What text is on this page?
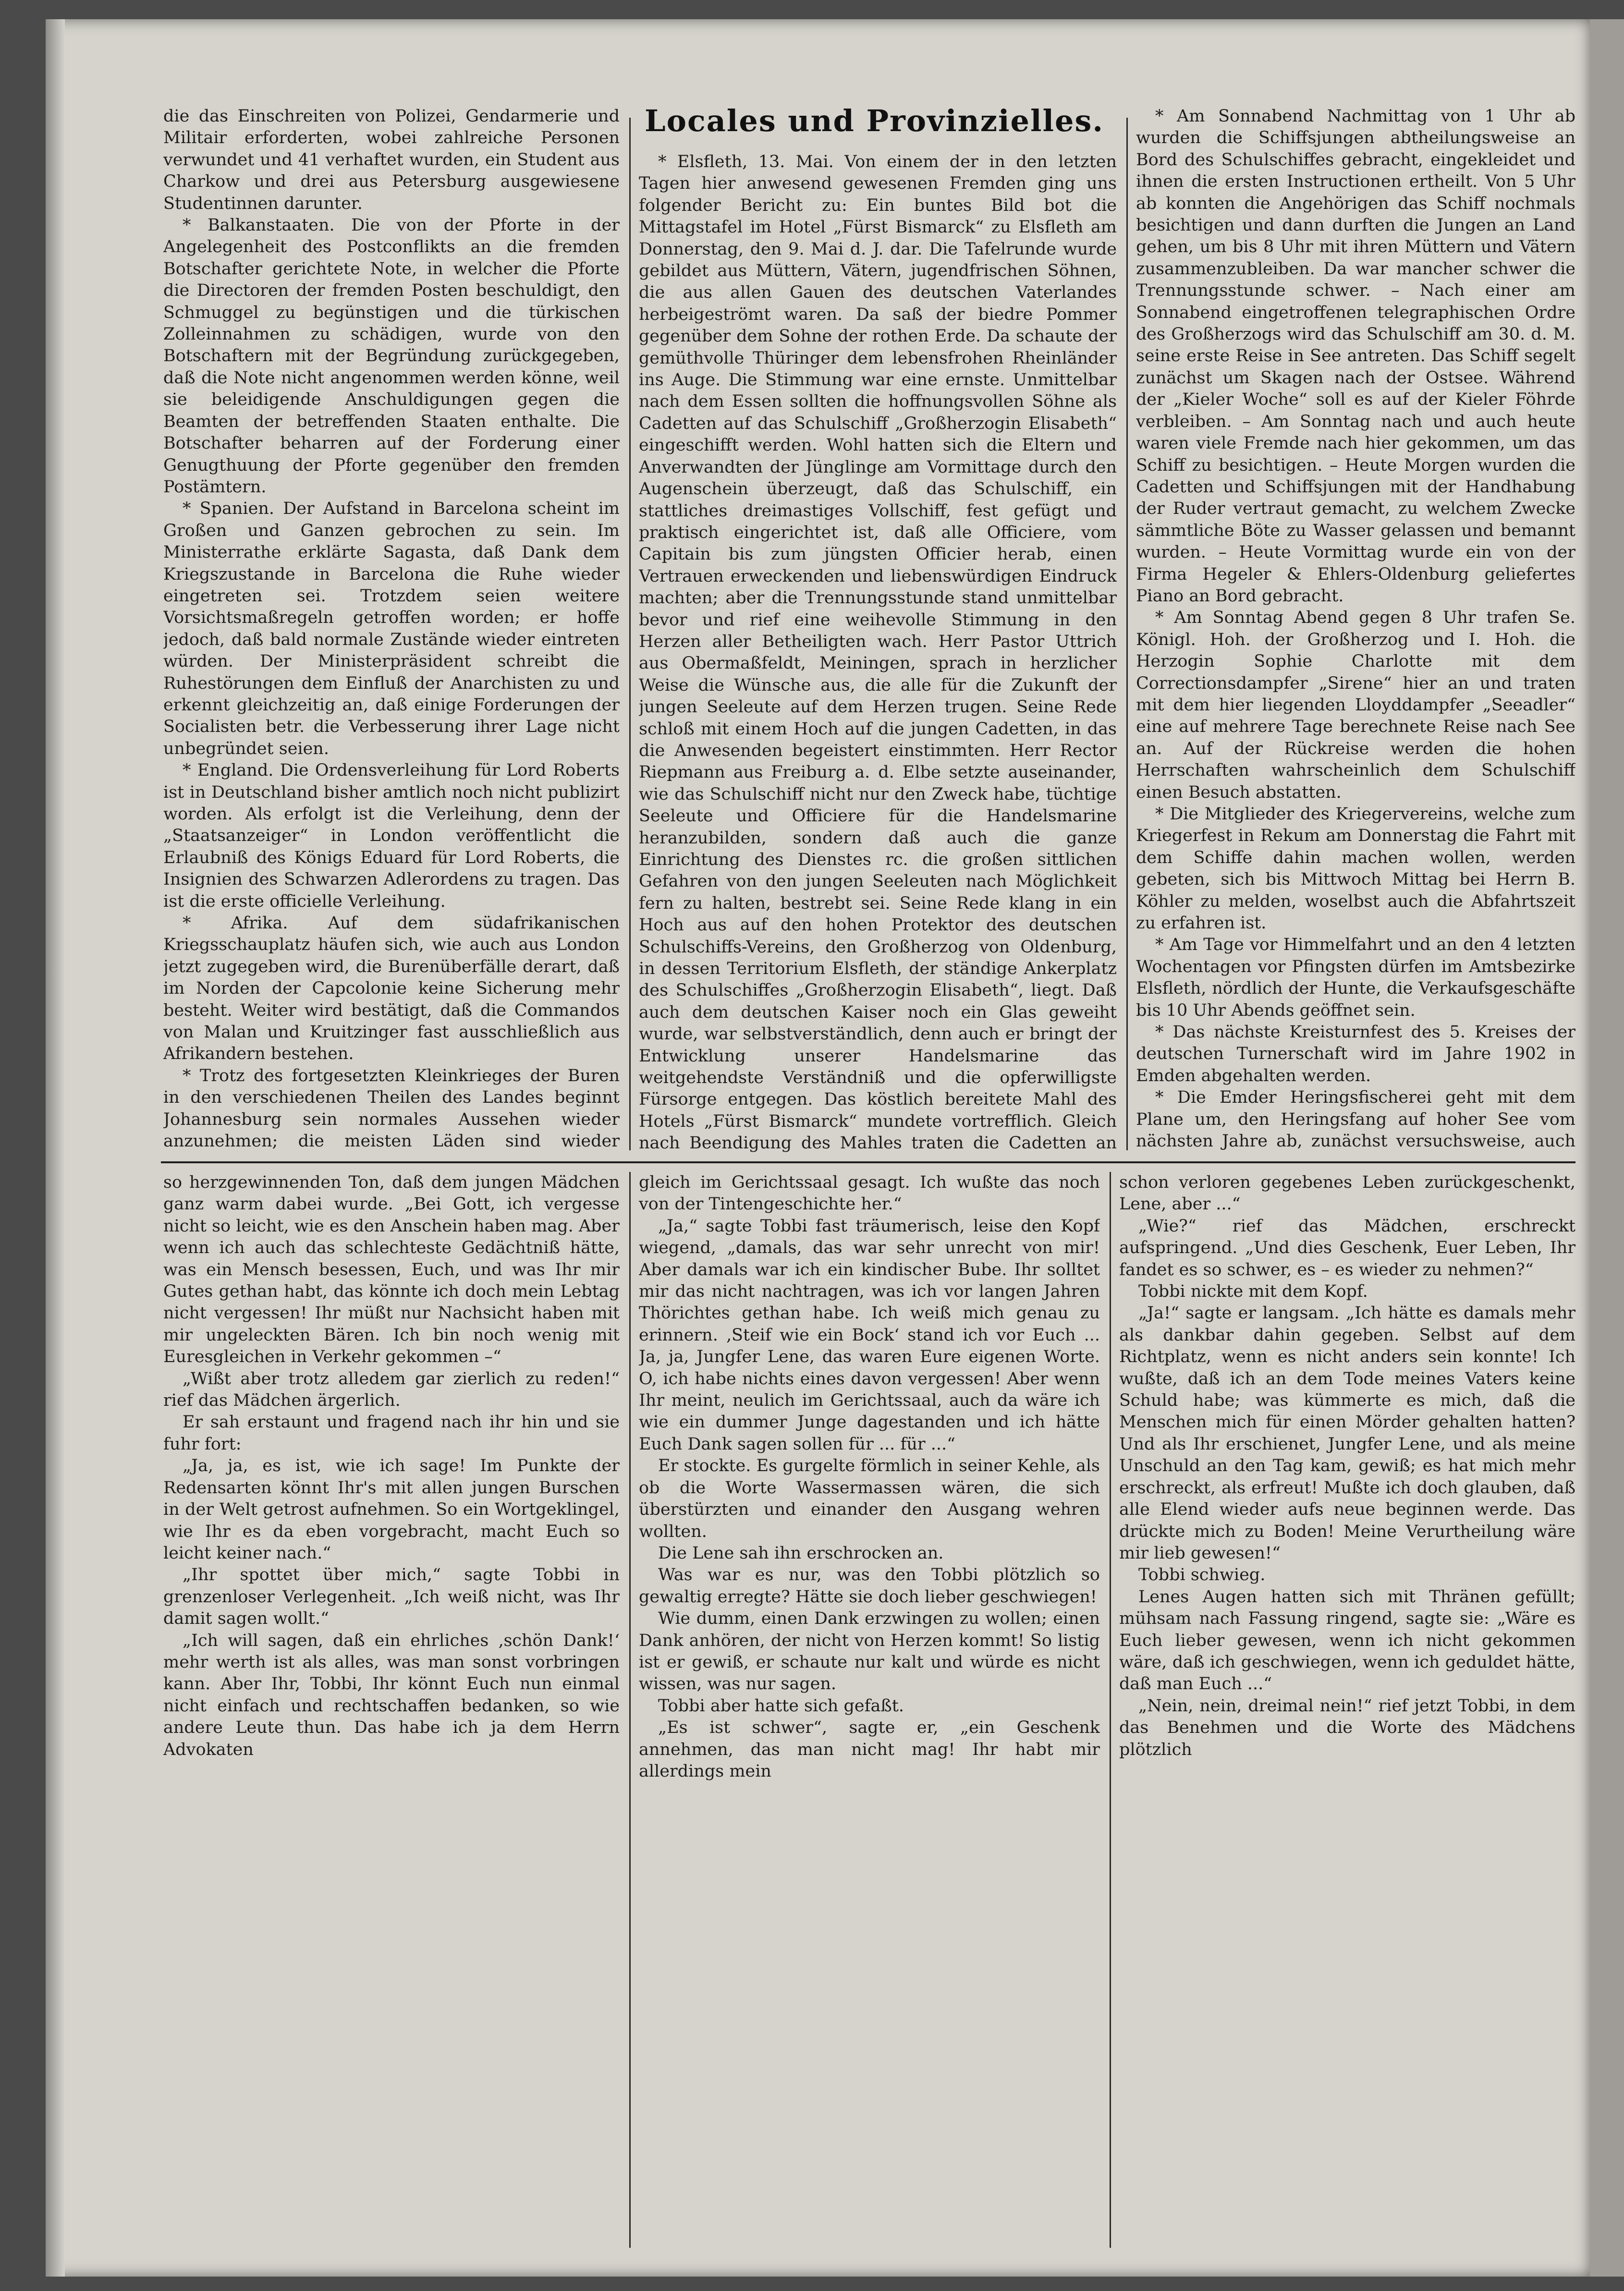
Locales und Provinzielles.

die das Einschreiten von Polizei, Gendarmerie und Militair erforderten, wobei zahlreiche Personen verwundet und 41 verhaftet wurden, ein Student aus Charkow und drei aus Petersburg ausgewiesene Studentinnen darunter.

* Balkanstaaten. Die von der Pforte in der Angelegenheit des Postconflikts an die fremden Botschafter gerichtete Note, in welcher die Pforte die Directoren der fremden Posten beschuldigt, den Schmuggel zu begünstigen und die türkischen Zolleinnahmen zu schädigen, wurde von den Botschaftern mit der Begründung zurückgegeben, daß die Note nicht angenommen werden könne, weil sie beleidigende Anschuldigungen gegen die Beamten der betreffenden Staaten enthalte. Die Botschafter beharren auf der Forderung einer Genugthuung der Pforte gegenüber den fremden Postämtern.

* Spanien. Der Aufstand in Barcelona scheint im Großen und Ganzen gebrochen zu sein. Im Ministerrathe erklärte Sagasta, daß Dank dem Kriegszustande in Barcelona die Ruhe wieder eingetreten sei. Trotzdem seien weitere Vorsichtsmaßregeln getroffen worden; er hoffe jedoch, daß bald normale Zustände wieder eintreten würden. Der Ministerpräsident schreibt die Ruhestörungen dem Einfluß der Anarchisten zu und erkennt gleichzeitig an, daß einige Forderungen der Socialisten betr. die Verbesserung ihrer Lage nicht unbegründet seien.

* England. Die Ordensverleihung für Lord Roberts ist in Deutschland bisher amtlich noch nicht publizirt worden. Als erfolgt ist die Verleihung, denn der „Staatsanzeiger“ in London veröffentlicht die Erlaubniß des Königs Eduard für Lord Roberts, die Insignien des Schwarzen Adlerordens zu tragen. Das ist die erste officielle Verleihung.

* Afrika. Auf dem südafrikanischen Kriegsschauplatz häufen sich, wie auch aus London jetzt zugegeben wird, die Burenüberfälle derart, daß im Norden der Capcolonie keine Sicherung mehr besteht. Weiter wird bestätigt, daß die Commandos von Malan und Kruitzinger fast ausschließlich aus Afrikandern bestehen.

* Trotz des fortgesetzten Kleinkrieges der Buren in den verschiedenen Theilen des Landes beginnt Johannesburg sein normales Aussehen wieder anzunehmen; die meisten Läden sind wieder

* Elsfleth, 13. Mai. Von einem der in den letzten Tagen hier anwesend gewesenen Fremden ging uns folgender Bericht zu: Ein buntes Bild bot die Mittagstafel im Hotel „Fürst Bismarck“ zu Elsfleth am Donnerstag, den 9. Mai d. J. dar. Die Tafelrunde wurde gebildet aus Müttern, Vätern, jugendfrischen Söhnen, die aus allen Gauen des deutschen Vaterlandes herbeigeströmt waren. Da saß der biedre Pommer gegenüber dem Sohne der rothen Erde. Da schaute der gemüthvolle Thüringer dem lebensfrohen Rheinländer ins Auge. Die Stimmung war eine ernste. Unmittelbar nach dem Essen sollten die hoffnungsvollen Söhne als Cadetten auf das Schulschiff „Großherzogin Elisabeth“ eingeschifft werden. Wohl hatten sich die Eltern und Anverwandten der Jünglinge am Vormittage durch den Augenschein überzeugt, daß das Schulschiff, ein stattliches dreimastiges Vollschiff, fest gefügt und praktisch eingerichtet ist, daß alle Officiere, vom Capitain bis zum jüngsten Officier herab, einen Vertrauen erweckenden und liebenswürdigen Eindruck machten; aber die Trennungsstunde stand unmittelbar bevor und rief eine weihevolle Stimmung in den Herzen aller Betheiligten wach. Herr Pastor Uttrich aus Obermaßfeldt, Meiningen, sprach in herzlicher Weise die Wünsche aus, die alle für die Zukunft der jungen Seeleute auf dem Herzen trugen. Seine Rede schloß mit einem Hoch auf die jungen Cadetten, in das die Anwesenden begeistert einstimmten. Herr Rector Riepmann aus Freiburg a. d. Elbe setzte auseinander, wie das Schulschiff nicht nur den Zweck habe, tüchtige Seeleute und Officiere für die Handelsmarine heranzubilden, sondern daß auch die ganze Einrichtung des Dienstes rc. die großen sittlichen Gefahren von den jungen Seeleuten nach Möglichkeit fern zu halten, bestrebt sei. Seine Rede klang in ein Hoch aus auf den hohen Protektor des deutschen Schulschiffs-Vereins, den Großherzog von Oldenburg, in dessen Territorium Elsfleth, der ständige Ankerplatz des Schulschiffes „Großherzogin Elisabeth“, liegt. Daß auch dem deutschen Kaiser noch ein Glas geweiht wurde, war selbstverständlich, denn auch er bringt der Entwicklung unserer Handelsmarine das weitgehendste Verständniß und die opferwilligste Fürsorge entgegen. Das köstlich bereitete Mahl des Hotels „Fürst Bismarck“ mundete vortrefflich. Gleich nach Beendigung des Mahles traten die Cadetten an

* Am Sonnabend Nachmittag von 1 Uhr ab wurden die Schiffsjungen abtheilungsweise an Bord des Schulschiffes gebracht, eingekleidet und ihnen die ersten Instructionen ertheilt. Von 5 Uhr ab konnten die Angehörigen das Schiff nochmals besichtigen und dann durften die Jungen an Land gehen, um bis 8 Uhr mit ihren Müttern und Vätern zusammenzubleiben. Da war mancher schwer die Trennungsstunde schwer. – Nach einer am Sonnabend eingetroffenen telegraphischen Ordre des Großherzogs wird das Schulschiff am 30. d. M. seine erste Reise in See antreten. Das Schiff segelt zunächst um Skagen nach der Ostsee. Während der „Kieler Woche“ soll es auf der Kieler Föhrde verbleiben. – Am Sonntag nach und auch heute waren viele Fremde nach hier gekommen, um das Schiff zu besichtigen. – Heute Morgen wurden die Cadetten und Schiffsjungen mit der Handhabung der Ruder vertraut gemacht, zu welchem Zwecke sämmtliche Böte zu Wasser gelassen und bemannt wurden. – Heute Vormittag wurde ein von der Firma Hegeler & Ehlers-Oldenburg geliefertes Piano an Bord gebracht.

* Am Sonntag Abend gegen 8 Uhr trafen Se. Königl. Hoh. der Großherzog und I. Hoh. die Herzogin Sophie Charlotte mit dem Correctionsdampfer „Sirene“ hier an und traten mit dem hier liegenden Lloyddampfer „Seeadler“ eine auf mehrere Tage berechnete Reise nach See an. Auf der Rückreise werden die hohen Herrschaften wahrscheinlich dem Schulschiff einen Besuch abstatten.

* Die Mitglieder des Kriegervereins, welche zum Kriegerfest in Rekum am Donnerstag die Fahrt mit dem Schiffe dahin machen wollen, werden gebeten, sich bis Mittwoch Mittag bei Herrn B. Köhler zu melden, woselbst auch die Abfahrtszeit zu erfahren ist.

* Am Tage vor Himmelfahrt und an den 4 letzten Wochentagen vor Pfingsten dürfen im Amtsbezirke Elsfleth, nördlich der Hunte, die Verkaufsgeschäfte bis 10 Uhr Abends geöffnet sein.

* Das nächste Kreisturnfest des 5. Kreises der deutschen Turnerschaft wird im Jahre 1902 in Emden abgehalten werden.

* Die Emder Heringsfischerei geht mit dem Plane um, den Heringsfang auf hoher See vom nächsten Jahre ab, zunächst versuchsweise, auch

so herzgewinnenden Ton, daß dem jungen Mädchen ganz warm dabei wurde. „Bei Gott, ich vergesse nicht so leicht, wie es den Anschein haben mag. Aber wenn ich auch das schlechteste Gedächtniß hätte, was ein Mensch besessen, Euch, und was Ihr mir Gutes gethan habt, das könnte ich doch mein Lebtag nicht vergessen! Ihr müßt nur Nachsicht haben mit mir ungeleckten Bären. Ich bin noch wenig mit Euresgleichen in Verkehr gekommen –“

„Wißt aber trotz alledem gar zierlich zu reden!“ rief das Mädchen ärgerlich.

Er sah erstaunt und fragend nach ihr hin und sie fuhr fort:

„Ja, ja, es ist, wie ich sage! Im Punkte der Redensarten könnt Ihr's mit allen jungen Burschen in der Welt getrost aufnehmen. So ein Wortgeklingel, wie Ihr es da eben vorgebracht, macht Euch so leicht keiner nach.“

„Ihr spottet über mich,“ sagte Tobbi in grenzenloser Verlegenheit. „Ich weiß nicht, was Ihr damit sagen wollt.“

„Ich will sagen, daß ein ehrliches ‚schön Dank!‘ mehr werth ist als alles, was man sonst vorbringen kann. Aber Ihr, Tobbi, Ihr könnt Euch nun einmal nicht einfach und rechtschaffen bedanken, so wie andere Leute thun. Das habe ich ja dem Herrn Advokaten

gleich im Gerichtssaal gesagt. Ich wußte das noch von der Tintengeschichte her.“

„Ja,“ sagte Tobbi fast träumerisch, leise den Kopf wiegend, „damals, das war sehr unrecht von mir! Aber damals war ich ein kindischer Bube. Ihr solltet mir das nicht nachtragen, was ich vor langen Jahren Thörichtes gethan habe. Ich weiß mich genau zu erinnern. ‚Steif wie ein Bock‘ stand ich vor Euch ... Ja, ja, Jungfer Lene, das waren Eure eigenen Worte. O, ich habe nichts eines davon vergessen! Aber wenn Ihr meint, neulich im Gerichtssaal, auch da wäre ich wie ein dummer Junge dagestanden und ich hätte Euch Dank sagen sollen für ... für ...“

Er stockte. Es gurgelte förmlich in seiner Kehle, als ob die Worte Wassermassen wären, die sich überstürzten und einander den Ausgang wehren wollten.

Die Lene sah ihn erschrocken an.

Was war es nur, was den Tobbi plötzlich so gewaltig erregte? Hätte sie doch lieber geschwiegen!

Wie dumm, einen Dank erzwingen zu wollen; einen Dank anhören, der nicht von Herzen kommt! So listig ist er gewiß, er schaute nur kalt und würde es nicht wissen, was nur sagen.

Tobbi aber hatte sich gefaßt.

„Es ist schwer“, sagte er, „ein Geschenk annehmen, das man nicht mag! Ihr habt mir allerdings mein

schon verloren gegebenes Leben zurückgeschenkt, Lene, aber ...“

„Wie?“ rief das Mädchen, erschreckt aufspringend. „Und dies Geschenk, Euer Leben, Ihr fandet es so schwer, es – es wieder zu nehmen?“

Tobbi nickte mit dem Kopf.

„Ja!“ sagte er langsam. „Ich hätte es damals mehr als dankbar dahin gegeben. Selbst auf dem Richtplatz, wenn es nicht anders sein konnte! Ich wußte, daß ich an dem Tode meines Vaters keine Schuld habe; was kümmerte es mich, daß die Menschen mich für einen Mörder gehalten hatten? Und als Ihr erschienet, Jungfer Lene, und als meine Unschuld an den Tag kam, gewiß; es hat mich mehr erschreckt, als erfreut! Mußte ich doch glauben, daß alle Elend wieder aufs neue beginnen werde. Das drückte mich zu Boden! Meine Verurtheilung wäre mir lieb gewesen!“

Tobbi schwieg.

Lenes Augen hatten sich mit Thränen gefüllt; mühsam nach Fassung ringend, sagte sie: „Wäre es Euch lieber gewesen, wenn ich nicht gekommen wäre, daß ich geschwiegen, wenn ich geduldet hätte, daß man Euch ...“

„Nein, nein, dreimal nein!“ rief jetzt Tobbi, in dem das Benehmen und die Worte des Mädchens plötzlich
